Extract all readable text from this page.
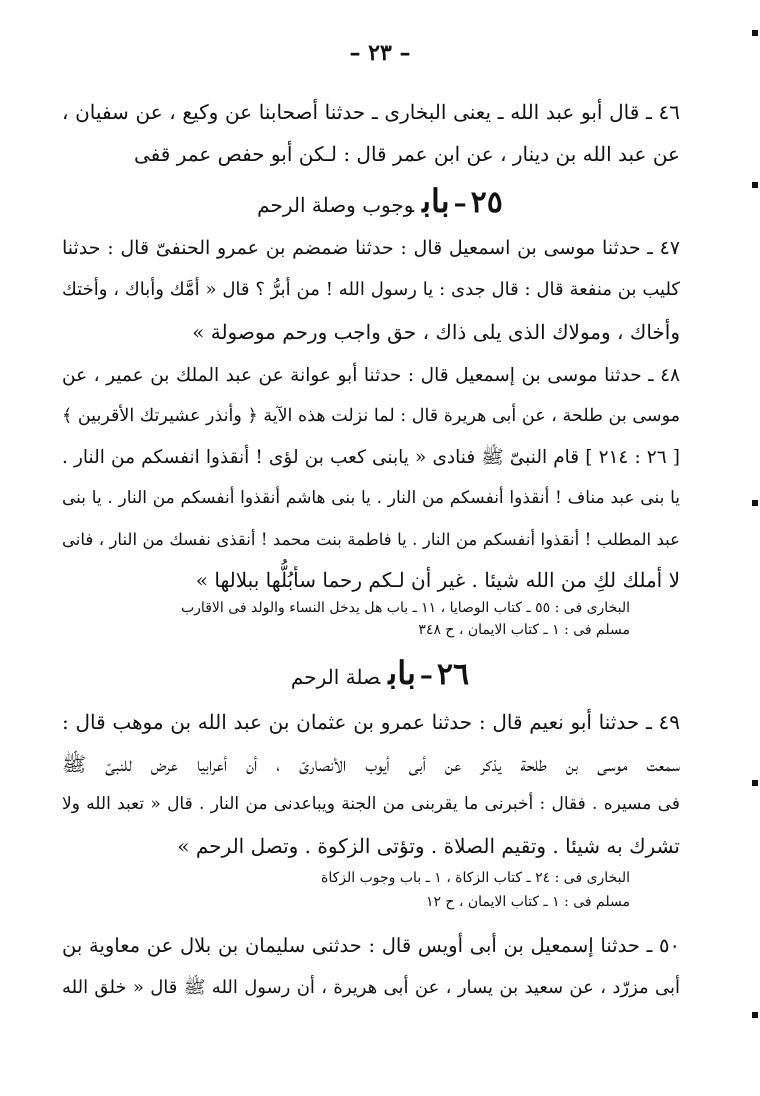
– ٢٣ –
٤٦ ـ قال أبو عبد الله ـ يعنى البخارى ـ حدثنا أصحابنا عن وكيع ، عن سفيان ،
عن عبد الله بن دينار ، عن ابن عمر قال : لـكن أبو حفص عمر قفى
٢٥–بابوجوب وصلة الرحم
٤٧ ـ حدثنا موسى بن اسمعيل قال : حدثنا ضمضم بن عمرو الحنفىّ قال : حدثنا
كليب بن منفعة قال : قال جدى : يا رسول الله ! من أبرُّ ؟ قال « أمَّك وأباك ، وأختك
وأخاك ، ومولاك الذى يلى ذاك ، حق واجب ورحم موصولة »
٤٨ ـ حدثنا موسى بن إسمعيل قال : حدثنا أبو عوانة عن عبد الملك بن عمير ، عن
موسى بن طلحة ، عن أبى هريرة قال : لما نزلت هذه الآية ﴿ وأنذر عشيرتك الأقربين ﴾
[ ٢٦ : ٢١٤ ] قام النبىّ ﷺ فنادى « يابنى كعب بن لؤى ! أنقذوا انفسكم من النار .
يا بنى عبد مناف ! أنقذوا أنفسكم من النار . يا بنى هاشم أنقذوا أنفسكم من النار . يا بنى
عبد المطلب ! أنقذوا أنفسكم من النار . يا فاطمة بنت محمد ! أنقذى نفسك من النار ، فانى
لا أملك لكِ من الله شيئا . غير أن لـكم رحما سأبُلُّها ببلالها »
البخارى فى : ٥٥ ـ كتاب الوصايا ، ١١ ـ باب هل يدخل النساء والولد فى الاقارب
مسلم فى : ١ ـ كتاب الايمان ، ح ٣٤٨
٢٦–بابصلة الرحم
٤٩ ـ حدثنا أبو نعيم قال : حدثنا عمرو بن عثمان بن عبد الله بن موهب قال :
سمعت موسى بن طلحة يذكر عن أبى أيوب الأنصارىّ ، أن أعرابيا عرض للنبىّ ﷺ
فى مسيره . فقال : أخبرنى ما يقربنى من الجنة ويباعدنى من النار . قال « تعبد الله ولا
تشرك به شيئا . وتقيم الصلاة . وتؤتى الزكوة . وتصل الرحم »
البخارى فى : ٢٤ ـ كتاب الزكاة ، ١ ـ باب وجوب الزكاة
مسلم فى : ١ ـ كتاب الايمان ، ح ١٢
٥٠ ـ حدثنا إسمعيل بن أبى أويس قال : حدثنى سليمان بن بلال عن معاوية بن
أبى مزرّد ، عن سعيد بن يسار ، عن أبى هريرة ، أن رسول الله ﷺ قال « خلق الله
